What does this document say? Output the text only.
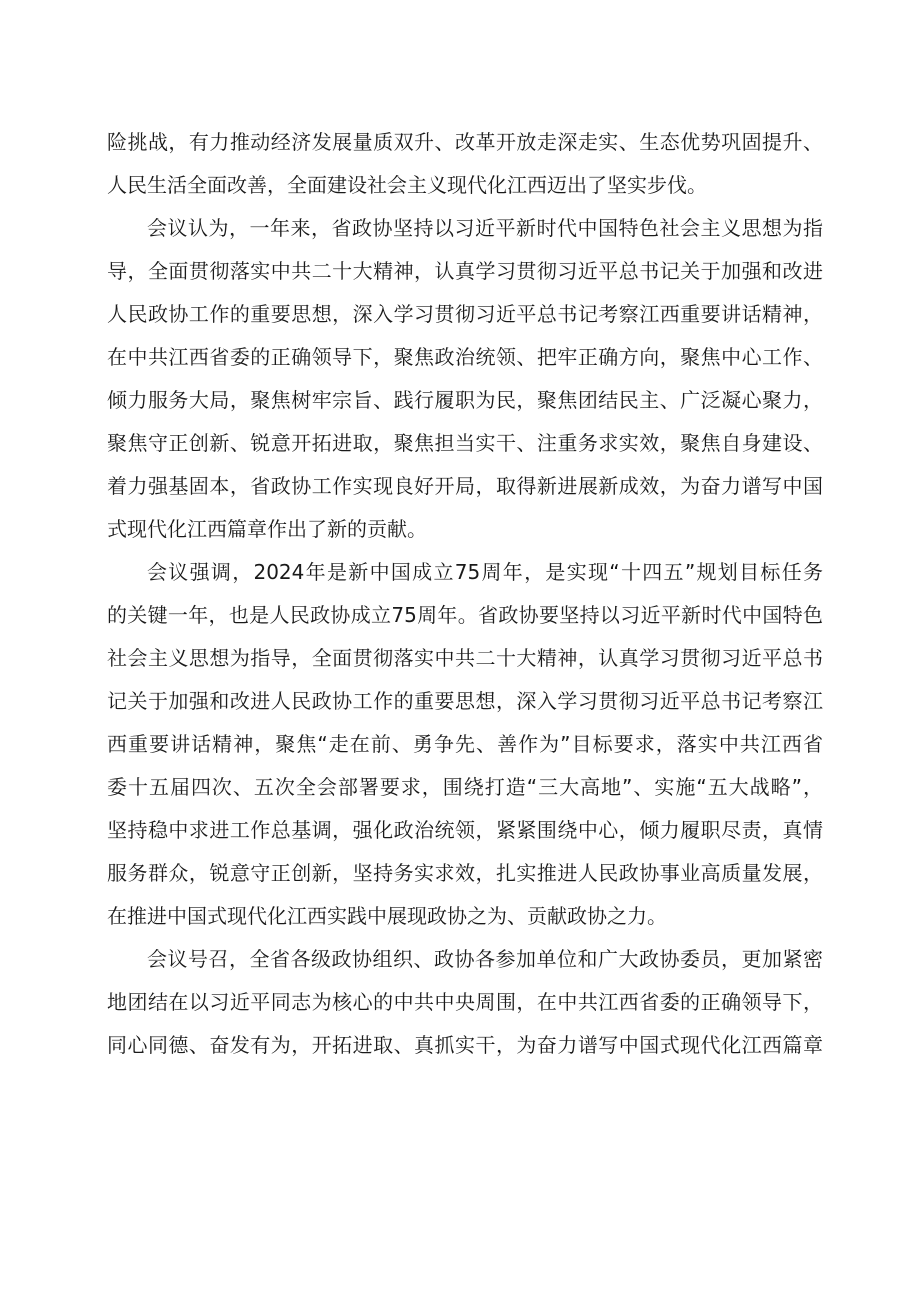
险挑战，有力推动经济发展量质双升、改革开放走深走实、生态优势巩固提升、
人民生活全面改善，全面建设社会主义现代化江西迈出了坚实步伐。

会议认为，一年来，省政协坚持以习近平新时代中国特色社会主义思想为指
导，全面贯彻落实中共二十大精神，认真学习贯彻习近平总书记关于加强和改进
人民政协工作的重要思想，深入学习贯彻习近平总书记考察江西重要讲话精神，
在中共江西省委的正确领导下，聚焦政治统领、把牢正确方向，聚焦中心工作、
倾力服务大局，聚焦树牢宗旨、践行履职为民，聚焦团结民主、广泛凝心聚力，
聚焦守正创新、锐意开拓进取，聚焦担当实干、注重务求实效，聚焦自身建设、
着力强基固本，省政协工作实现良好开局，取得新进展新成效，为奋力谱写中国
式现代化江西篇章作出了新的贡献。

会议强调，2024年是新中国成立75周年，是实现“十四五”规划目标任务
的关键一年，也是人民政协成立75周年。省政协要坚持以习近平新时代中国特色
社会主义思想为指导，全面贯彻落实中共二十大精神，认真学习贯彻习近平总书
记关于加强和改进人民政协工作的重要思想，深入学习贯彻习近平总书记考察江
西重要讲话精神，聚焦“走在前、勇争先、善作为”目标要求，落实中共江西省
委十五届四次、五次全会部署要求，围绕打造“三大高地”、实施“五大战略”，
坚持稳中求进工作总基调，强化政治统领，紧紧围绕中心，倾力履职尽责，真情
服务群众，锐意守正创新，坚持务实求效，扎实推进人民政协事业高质量发展，
在推进中国式现代化江西实践中展现政协之为、贡献政协之力。

会议号召，全省各级政协组织、政协各参加单位和广大政协委员，更加紧密
地团结在以习近平同志为核心的中共中央周围，在中共江西省委的正确领导下，
同心同德、奋发有为，开拓进取、真抓实干，为奋力谱写中国式现代化江西篇章
